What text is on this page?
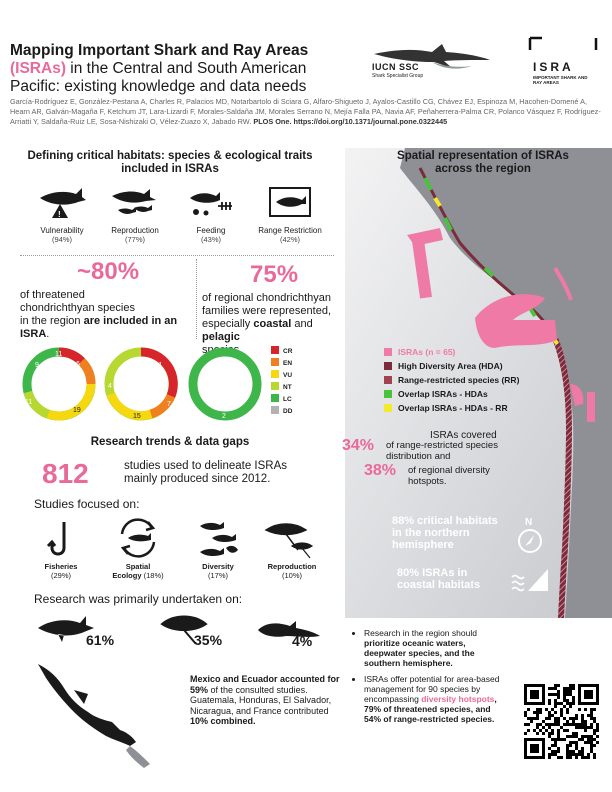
Mapping Important Shark and Ray Areas
(ISRAs) in the Central and South American Pacific: existing knowledge and data needs
IUCN SSC
Shark Specialist Group
ISRA
IMPORTANT SHARK AND RAY AREAS
García-Rodríguez E, González-Pestana A, Charles R, Palacios MD, Notarbartolo di Sciara G, Alfaro-Shigueto J, Ayalos-Castillo CG, Chávez EJ, Espinoza M, Hacohen-Domené A, Hearn AR, Galván-Magaña F, Ketchum JT, Lara-Lizardi F, Morales-Saldaña JM, Morales Serrano N, Mejía Falla PA, Navia AF, Peñaherrera-Palma CR, Polanco Vásquez F, Rodríguez-Arriatti Y, Saldaña-Ruiz LE, Sosa-Nishizaki O, Vélez-Zuazo X, Jabado RW. PLOS One. https://doi.org/10.1371/journal.pone.0322445
Spatial representation of ISRAs
across the region
ISRAs (n = 65)
High Diversity Area (HDA)
Range-restricted species (RR)
Overlap ISRAs - HDAs
Overlap ISRAs - HDAs - RR
ISRAs covered
34% of range-restricted species
distribution and
38% of regional diversity
hotspots.
88% critical habitats in the northern hemisphere
N
80% ISRAs in coastal habitats
Defining critical habitats: species & ecological traits included in ISRAs
!
Vulnerability
(94%)
Reproduction
(77%)
Feeding
(43%)
Range Restriction
(42%)
~80%
of threatened
chondrichthyan species
in the region are included in an ISRA.
75%
of regional chondrichthyan
families were represented,
especially coastal and pelagic
species.
9
11
6
11
19
11
4
7
15	2
CR
EN
VU
NT
LC
DD
Research trends & data gaps
812	studies used to delineate ISRAs
mainly produced since 2012.
Studies focused on:
Fisheries
(29%)
Spatial
Ecology (18%)
Diversity
(17%)
Reproduction
(10%)
Research was primarily undertaken on:
61%	35%	4%
Mexico and Ecuador accounted for 59% of the consulted studies.
Guatemala, Honduras, El Salvador, Nicaragua, and France contributed 10% combined.
• Research in the region should prioritize oceanic waters, deepwater species, and the southern hemisphere.
• ISRAs offer potential for area-based management for 90 species by encompassing diversity hotspots, 79% of threatened species, and 54% of range-restricted species.
